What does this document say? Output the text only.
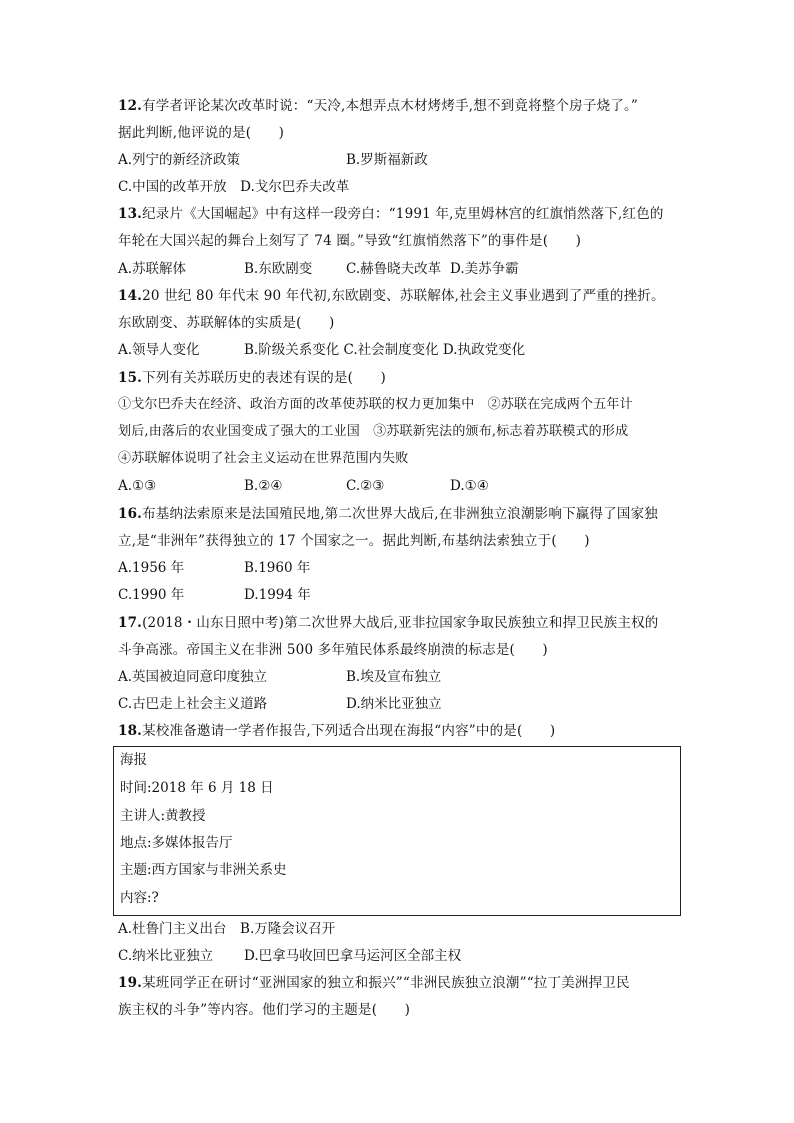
12.有学者评论某次改革时说：“天冷,本想弄点木材烤烤手,想不到竟将整个房子烧了。”
据此判断,他评说的是(　　)
A.列宁的新经济政策	B.罗斯福新政
C.中国的改革开放　D.戈尔巴乔夫改革
13.纪录片《大国崛起》中有这样一段旁白：“1991 年,克里姆林宫的红旗悄然落下,红色的
年轮在大国兴起的舞台上刻写了 74 圈。”导致“红旗悄然落下”的事件是(　　)
A.苏联解体	B.东欧剧变	C.赫鲁晓夫改革 D.美苏争霸
14.20 世纪 80 年代末 90 年代初,东欧剧变、苏联解体,社会主义事业遇到了严重的挫折。
东欧剧变、苏联解体的实质是(　　)
A.领导人变化	B.阶级关系变化 C.社会制度变化 D.执政党变化
15.下列有关苏联历史的表述有误的是(　　)
①戈尔巴乔夫在经济、政治方面的改革使苏联的权力更加集中　②苏联在完成两个五年计
划后,由落后的农业国变成了强大的工业国　③苏联新宪法的颁布,标志着苏联模式的形成
④苏联解体说明了社会主义运动在世界范围内失败
A.①③	B.②④	C.②③	D.①④
16.布基纳法索原来是法国殖民地,第二次世界大战后,在非洲独立浪潮影响下赢得了国家独
立,是“非洲年”获得独立的 17 个国家之一。据此判断,布基纳法索独立于(　　)
A.1956 年	B.1960 年
C.1990 年	D.1994 年
17.(2018・山东日照中考)第二次世界大战后,亚非拉国家争取民族独立和捍卫民族主权的
斗争高涨。帝国主义在非洲 500 多年殖民体系最终崩溃的标志是(　　)
A.英国被迫同意印度独立	B.埃及宣布独立
C.古巴走上社会主义道路	D.纳米比亚独立
18.某校准备邀请一学者作报告,下列适合出现在海报“内容”中的是(　　)
海报
时间:2018 年 6 月 18 日
主讲人:黄教授
地点:多媒体报告厅
主题:西方国家与非洲关系史
内容:?
A.杜鲁门主义出台　B.万隆会议召开
C.纳米比亚独立 D.巴拿马收回巴拿马运河区全部主权
19.某班同学正在研讨“亚洲国家的独立和振兴”“非洲民族独立浪潮”“拉丁美洲捍卫民
族主权的斗争”等内容。他们学习的主题是(　　)
